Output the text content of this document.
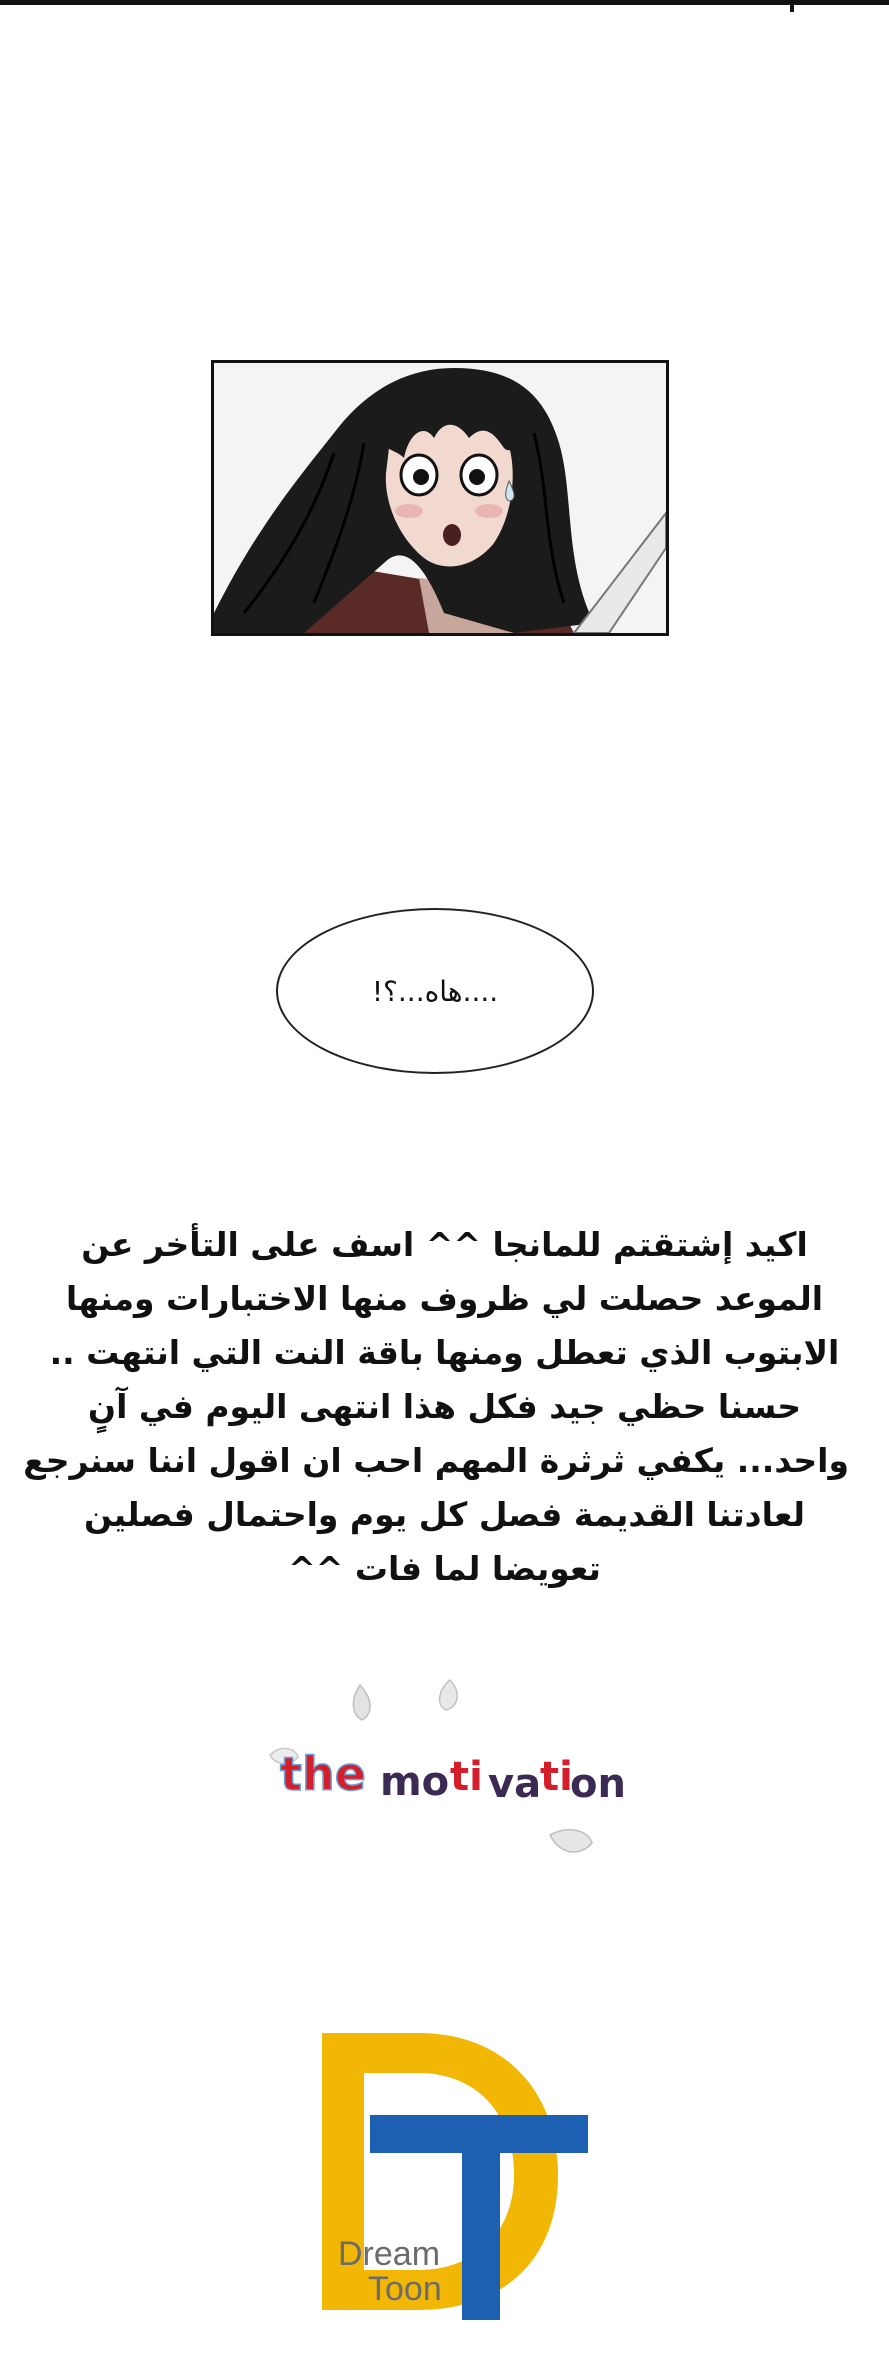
....هاه...؟!
اكيد إشتقتم للمانجا ^^ اسف على التأخر عن
الموعد حصلت لي ظروف منها الاختبارات ومنها
الابتوب الذي تعطل ومنها باقة النت التي انتهت ..
حسنا حظي جيد فكل هذا انتهى اليوم في آنٍ
واحد... يكفي ثرثرة المهم احب ان اقول اننا سنرجع
لعادتنا القديمة فصل كل يوم واحتمال فصلين
تعويضا لما فات ^^
the mo ti va
ti
on
Dream
Toon
